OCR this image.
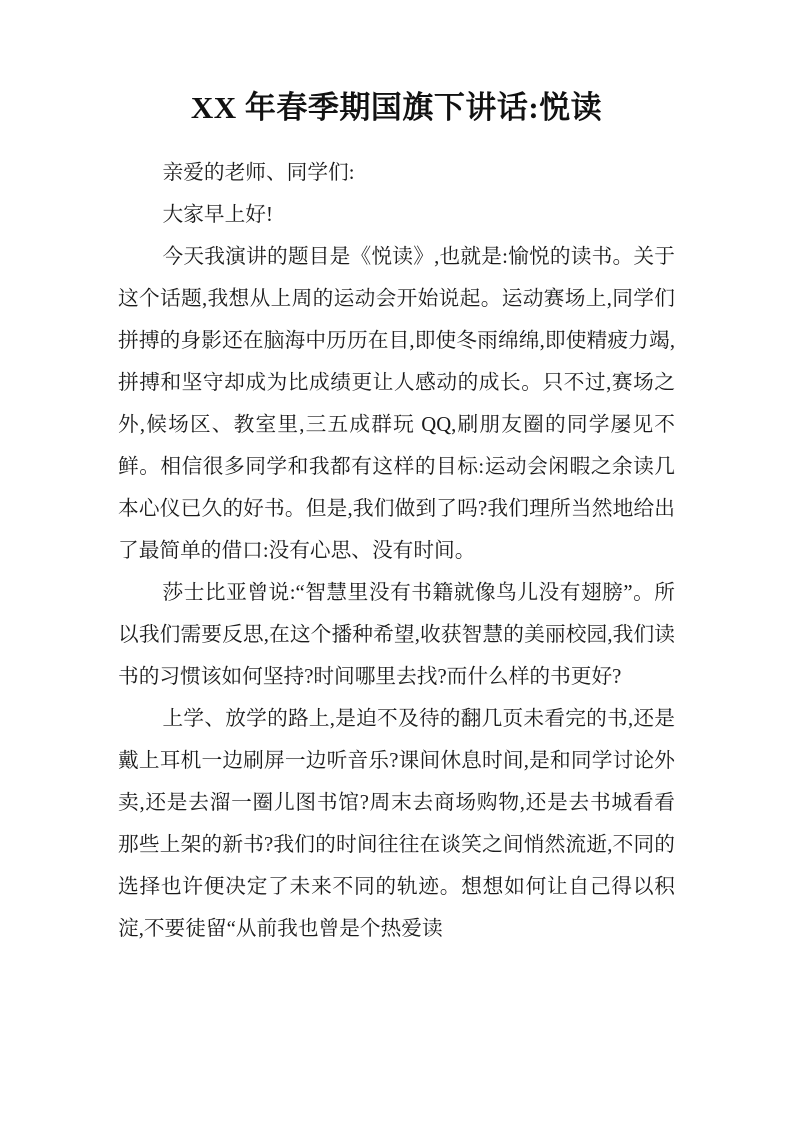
XX 年春季期国旗下讲话:悦读

亲爱的老师、同学们:

大家早上好!

今天我演讲的题目是《悦读》,也就是:愉悦的读书。关于这个话题,我想从上周的运动会开始说起。运动赛场上,同学们拼搏的身影还在脑海中历历在目,即使冬雨绵绵,即使精疲力竭,拼搏和坚守却成为比成绩更让人感动的成长。只不过,赛场之外,候场区、教室里,三五成群玩 QQ,刷朋友圈的同学屡见不鲜。相信很多同学和我都有这样的目标:运动会闲暇之余读几本心仪已久的好书。但是,我们做到了吗?我们理所当然地给出了最简单的借口:没有心思、没有时间。

莎士比亚曾说:“智慧里没有书籍就像鸟儿没有翅膀”。所以我们需要反思,在这个播种希望,收获智慧的美丽校园,我们读书的习惯该如何坚持?时间哪里去找?而什么样的书更好?

上学、放学的路上,是迫不及待的翻几页未看完的书,还是戴上耳机一边刷屏一边听音乐?课间休息时间,是和同学讨论外卖,还是去溜一圈儿图书馆?周末去商场购物,还是去书城看看那些上架的新书?我们的时间往往在谈笑之间悄然流逝,不同的选择也许便决定了未来不同的轨迹。想想如何让自己得以积淀,不要徒留“从前我也曾是个热爱读
